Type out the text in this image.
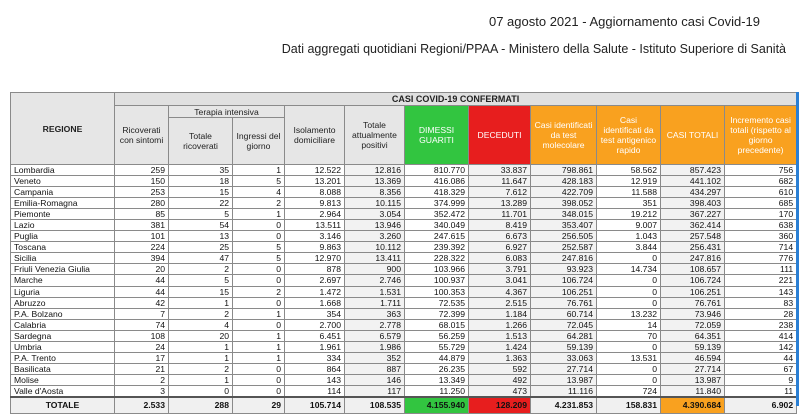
07 agosto 2021 - Aggiornamento casi Covid-19
Dati aggregati quotidiani Regioni/PPAA - Ministero della Salute - Istituto Superiore di Sanità
REGIONE	CASI COVID-19 CONFERMATI										
	Ricoverati con sintomi	Terapia intensiva		Isolamento domiciliare	Totale attualmente positivi	DIMESSI GUARITI	DECEDUTI	Casi identificati da test molecolare	Casi identificati da test antigenico rapido	CASI TOTALI	Incremento casi totali (rispetto al giorno precedente)
		Totale ricoverati	Ingressi del giorno								
Lombardia	259	35	1	12.522	12.816	810.770	33.837	798.861	58.562	857.423	756
Veneto	150	18	5	13.201	13.369	416.086	11.647	428.183	12.919	441.102	682
Campania	253	15	4	8.088	8.356	418.329	7.612	422.709	11.588	434.297	610
Emilia-Romagna	280	22	2	9.813	10.115	374.999	13.289	398.052	351	398.403	685
Piemonte	85	5	1	2.964	3.054	352.472	11.701	348.015	19.212	367.227	170
Lazio	381	54	0	13.511	13.946	340.049	8.419	353.407	9.007	362.414	638
Puglia	101	13	0	3.146	3.260	247.615	6.673	256.505	1.043	257.548	360
Toscana	224	25	5	9.863	10.112	239.392	6.927	252.587	3.844	256.431	714
Sicilia	394	47	5	12.970	13.411	228.322	6.083	247.816	0	247.816	776
Friuli Venezia Giulia	20	2	0	878	900	103.966	3.791	93.923	14.734	108.657	111
Marche	44	5	0	2.697	2.746	100.937	3.041	106.724	0	106.724	221
Liguria	44	15	2	1.472	1.531	100.353	4.367	106.251	0	106.251	143
Abruzzo	42	1	0	1.668	1.711	72.535	2.515	76.761	0	76.761	83
P.A. Bolzano	7	2	1	354	363	72.399	1.184	60.714	13.232	73.946	28
Calabria	74	4	0	2.700	2.778	68.015	1.266	72.045	14	72.059	238
Sardegna	108	20	1	6.451	6.579	56.259	1.513	64.281	70	64.351	414
Umbria	24	1	1	1.961	1.986	55.729	1.424	59.139	0	59.139	142
P.A. Trento	17	1	1	334	352	44.879	1.363	33.063	13.531	46.594	44
Basilicata	21	2	0	864	887	26.235	592	27.714	0	27.714	67
Molise	2	1	0	143	146	13.349	492	13.987	0	13.987	9
Valle d'Aosta	3	0	0	114	117	11.250	473	11.116	724	11.840	11
TOTALE	2.533	288	29	105.714	108.535	4.155.940	128.209	4.231.853	158.831	4.390.684	6.902
